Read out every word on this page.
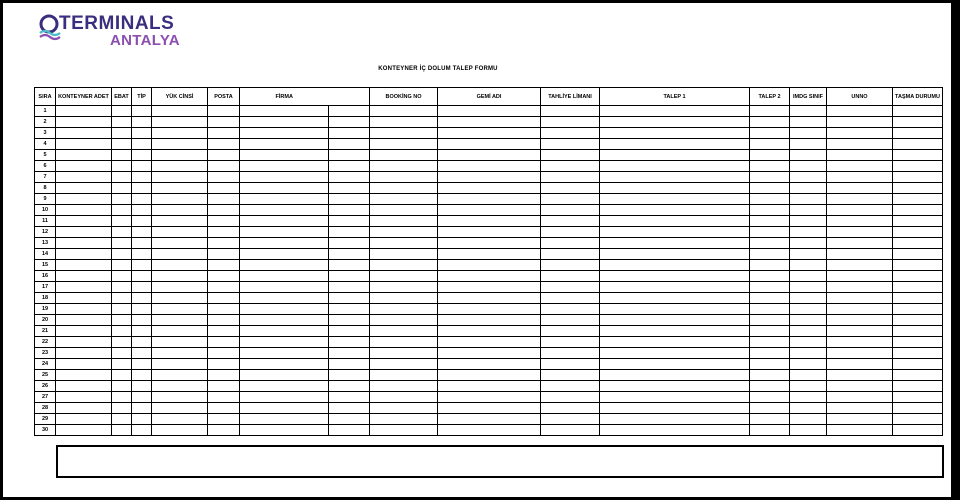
TERMINALS
ANTALYA
KONTEYNER İÇ DOLUM TALEP FORMU
SIRA	KONTEYNER ADET	EBAT	TİP	YÜK CİNSİ	POSTA	FİRMA		BOOKİNG NO	GEMİ ADI	TAHLİYE LİMANI	TALEP 1	TALEP 2	IMDG SINIF	UNNO	TAŞMA DURUMU
1															
2															
3															
4															
5															
6															
7															
8															
9															
10															
11															
12															
13															
14															
15															
16															
17															
18															
19															
20															
21															
22															
23															
24															
25															
26															
27															
28															
29															
30															
